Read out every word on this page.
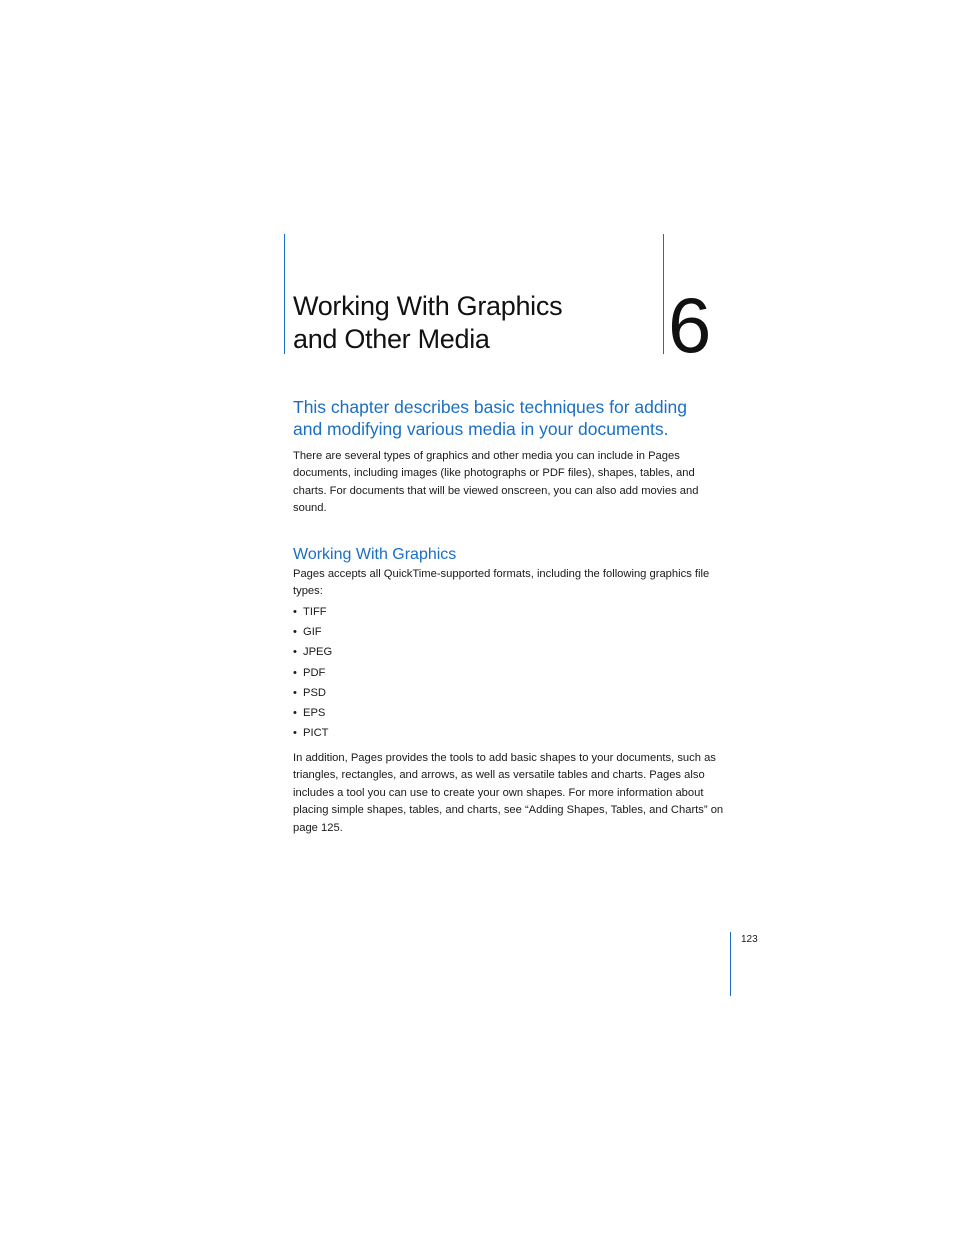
Working With Graphics
and Other Media	6

This chapter describes basic techniques for adding
and modifying various media in your documents.

There are several types of graphics and other media you can include in Pages
documents, including images (like photographs or PDF files), shapes, tables, and
charts. For documents that will be viewed onscreen, you can also add movies and
sound.

Working With Graphics

Pages accepts all QuickTime-supported formats, including the following graphics file
types:

• TIFF
• GIF
• JPEG
• PDF
• PSD
• EPS
• PICT

In addition, Pages provides the tools to add basic shapes to your documents, such as
triangles, rectangles, and arrows, as well as versatile tables and charts. Pages also
includes a tool you can use to create your own shapes. For more information about
placing simple shapes, tables, and charts, see “Adding Shapes, Tables, and Charts” on
page 125.

123
